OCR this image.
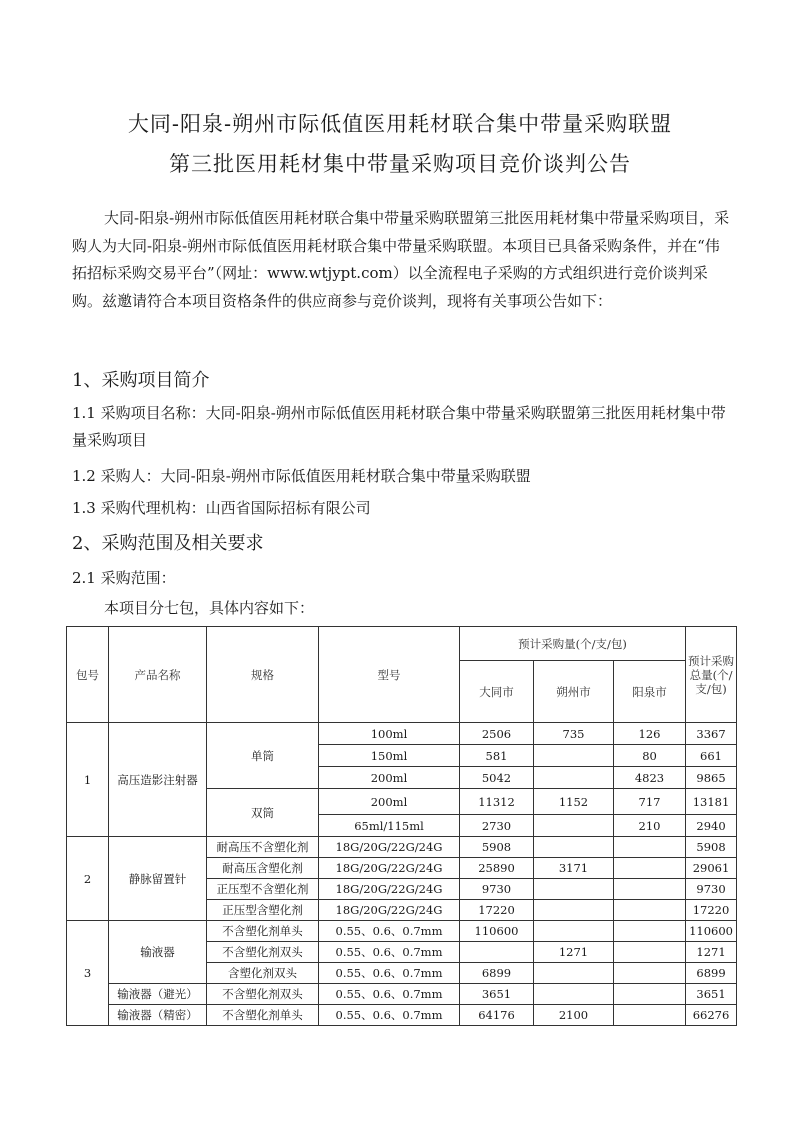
大同-阳泉-朔州市际低值医用耗材联合集中带量采购联盟
第三批医用耗材集中带量采购项目竞价谈判公告
大同-阳泉-朔州市际低值医用耗材联合集中带量采购联盟第三批医用耗材集中带量采购项目，采购人为大同-阳泉-朔州市际低值医用耗材联合集中带量采购联盟。本项目已具备采购条件，并在“伟拓招标采购交易平台”（网址：www.wtjypt.com）以全流程电子采购的方式组织进行竞价谈判采购。兹邀请符合本项目资格条件的供应商参与竞价谈判，现将有关事项公告如下：
1、采购项目简介
1.1 采购项目名称：大同-阳泉-朔州市际低值医用耗材联合集中带量采购联盟第三批医用耗材集中带量采购项目
1.2 采购人：大同-阳泉-朔州市际低值医用耗材联合集中带量采购联盟
1.3 采购代理机构：山西省国际招标有限公司
2、采购范围及相关要求
2.1 采购范围：
本项目分七包，具体内容如下：
包号	产品名称	规格	型号	预计采购量(个/支/包)			预计采购总量(个/支/包)
				大同市	朔州市	阳泉市	
1	高压造影注射器	单筒	100ml	2506	735	126	3367
			150ml	581		80	661
			200ml	5042		4823	9865
		双筒	200ml	11312	1152	717	13181
			65ml/115ml	2730		210	2940
2	静脉留置针	耐高压不含塑化剂	18G/20G/22G/24G	5908			5908
		耐高压含塑化剂	18G/20G/22G/24G	25890	3171		29061
		正压型不含塑化剂	18G/20G/22G/24G	9730			9730
		正压型含塑化剂	18G/20G/22G/24G	17220			17220
3	输液器	不含塑化剂单头	0.55、0.6、0.7mm	110600			110600
		不含塑化剂双头	0.55、0.6、0.7mm		1271		1271
		含塑化剂双头	0.55、0.6、0.7mm	6899			6899
	输液器（避光）	不含塑化剂双头	0.55、0.6、0.7mm	3651			3651
	输液器（精密）	不含塑化剂单头	0.55、0.6、0.7mm	64176	2100		66276
